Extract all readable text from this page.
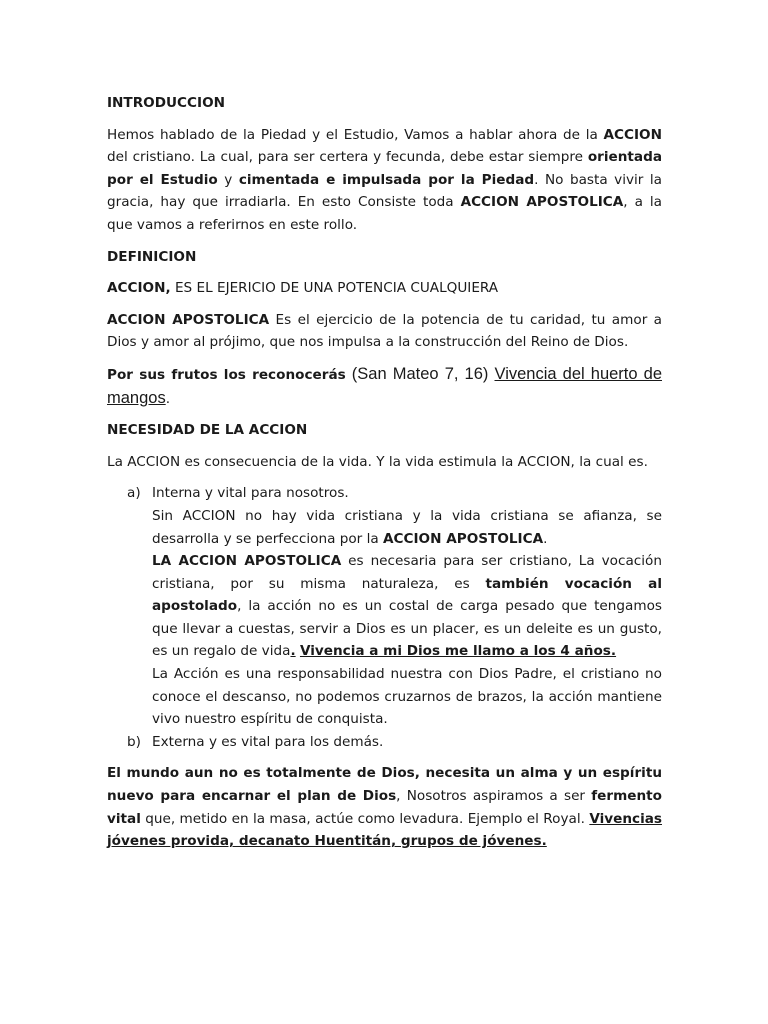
INTRODUCCION

Hemos hablado de la Piedad y el Estudio, Vamos a hablar ahora de la ACCION del cristiano. La cual, para ser certera y fecunda, debe estar siempre orientada por el Estudio y cimentada e impulsada por la Piedad. No basta vivir la gracia, hay que irradiarla. En esto Consiste toda ACCION APOSTOLICA, a la que vamos a referirnos en este rollo.

DEFINICION

ACCION, ES EL EJERICIO DE UNA POTENCIA CUALQUIERA

ACCION APOSTOLICA Es el ejercicio de la potencia de tu caridad, tu amor a Dios y amor al prójimo, que nos impulsa a la construcción del Reino de Dios.

Por sus frutos los reconocerás (San Mateo 7, 16) Vivencia del huerto de mangos.

NECESIDAD DE LA ACCION

La ACCION es consecuencia de la vida. Y la vida estimula la ACCION, la cual es.

a) Interna y vital para nosotros.
Sin ACCION no hay vida cristiana y la vida cristiana se afianza, se desarrolla y se perfecciona por la ACCION APOSTOLICA.
LA ACCION APOSTOLICA es necesaria para ser cristiano, La vocación cristiana, por su misma naturaleza, es también vocación al apostolado, la acción no es un costal de carga pesado que tengamos que llevar a cuestas, servir a Dios es un placer, es un deleite es un gusto, es un regalo de vida. Vivencia a mi Dios me llamo a los 4 años.
La Acción es una responsabilidad nuestra con Dios Padre, el cristiano no conoce el descanso, no podemos cruzarnos de brazos, la acción mantiene vivo nuestro espíritu de conquista.
b) Externa y es vital para los demás.

El mundo aun no es totalmente de Dios, necesita un alma y un espíritu nuevo para encarnar el plan de Dios, Nosotros aspiramos a ser fermento vital que, metido en la masa, actúe como levadura. Ejemplo el Royal. Vivencias jóvenes provida, decanato Huentitán, grupos de jóvenes.
